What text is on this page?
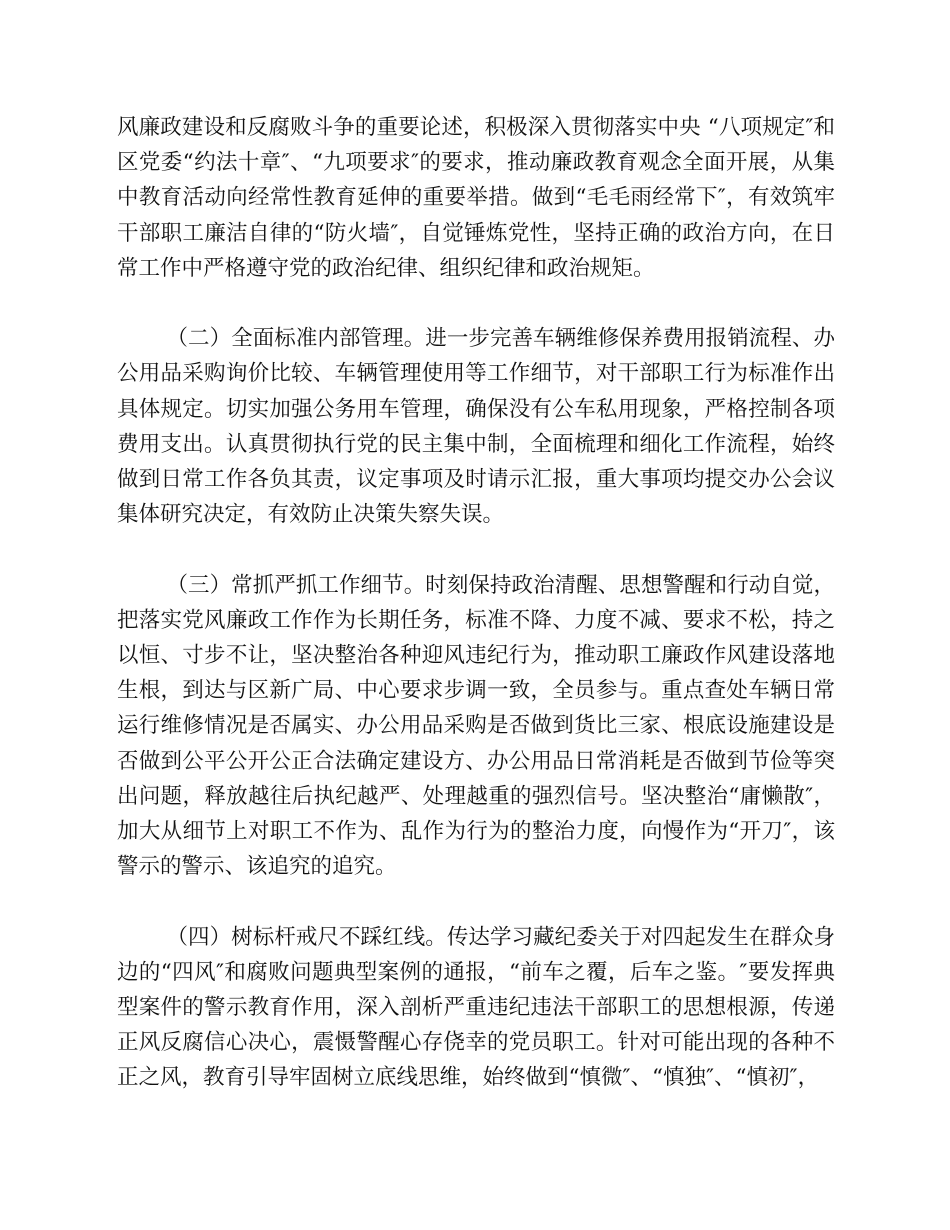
风廉政建设和反腐败斗争的重要论述，积极深入贯彻落实中央 “八项规定″和区党委“约法十章″、“九项要求″的要求，推动廉政教育观念全面开展，从集中教育活动向经常性教育延伸的重要举措。做到“毛毛雨经常下″，有效筑牢干部职工廉洁自律的“防火墙″，自觉锤炼党性，坚持正确的政治方向，在日常工作中严格遵守党的政治纪律、组织纪律和政治规矩。

（二）全面标准内部管理。进一步完善车辆维修保养费用报销流程、办公用品采购询价比较、车辆管理使用等工作细节，对干部职工行为标准作出具体规定。切实加强公务用车管理，确保没有公车私用现象，严格控制各项费用支出。认真贯彻执行党的民主集中制，全面梳理和细化工作流程，始终做到日常工作各负其责，议定事项及时请示汇报，重大事项均提交办公会议集体研究决定，有效防止决策失察失误。

（三）常抓严抓工作细节。时刻保持政治清醒、思想警醒和行动自觉，把落实党风廉政工作作为长期任务，标准不降、力度不减、要求不松，持之以恒、寸步不让，坚决整治各种迎风违纪行为，推动职工廉政作风建设落地生根，到达与区新广局、中心要求步调一致，全员参与。重点查处车辆日常运行维修情况是否属实、办公用品采购是否做到货比三家、根底设施建设是否做到公平公开公正合法确定建设方、办公用品日常消耗是否做到节俭等突出问题，释放越往后执纪越严、处理越重的强烈信号。坚决整治“庸懒散″，加大从细节上对职工不作为、乱作为行为的整治力度，向慢作为“开刀″，该警示的警示、该追究的追究。

（四）树标杆戒尺不踩红线。传达学习藏纪委关于对四起发生在群众身边的“四风″和腐败问题典型案例的通报，“前车之覆，后车之鉴。″要发挥典型案件的警示教育作用，深入剖析严重违纪违法干部职工的思想根源，传递正风反腐信心决心，震慑警醒心存侥幸的党员职工。针对可能出现的各种不正之风，教育引导牢固树立底线思维，始终做到“慎微″、“慎独″、“慎初″，
